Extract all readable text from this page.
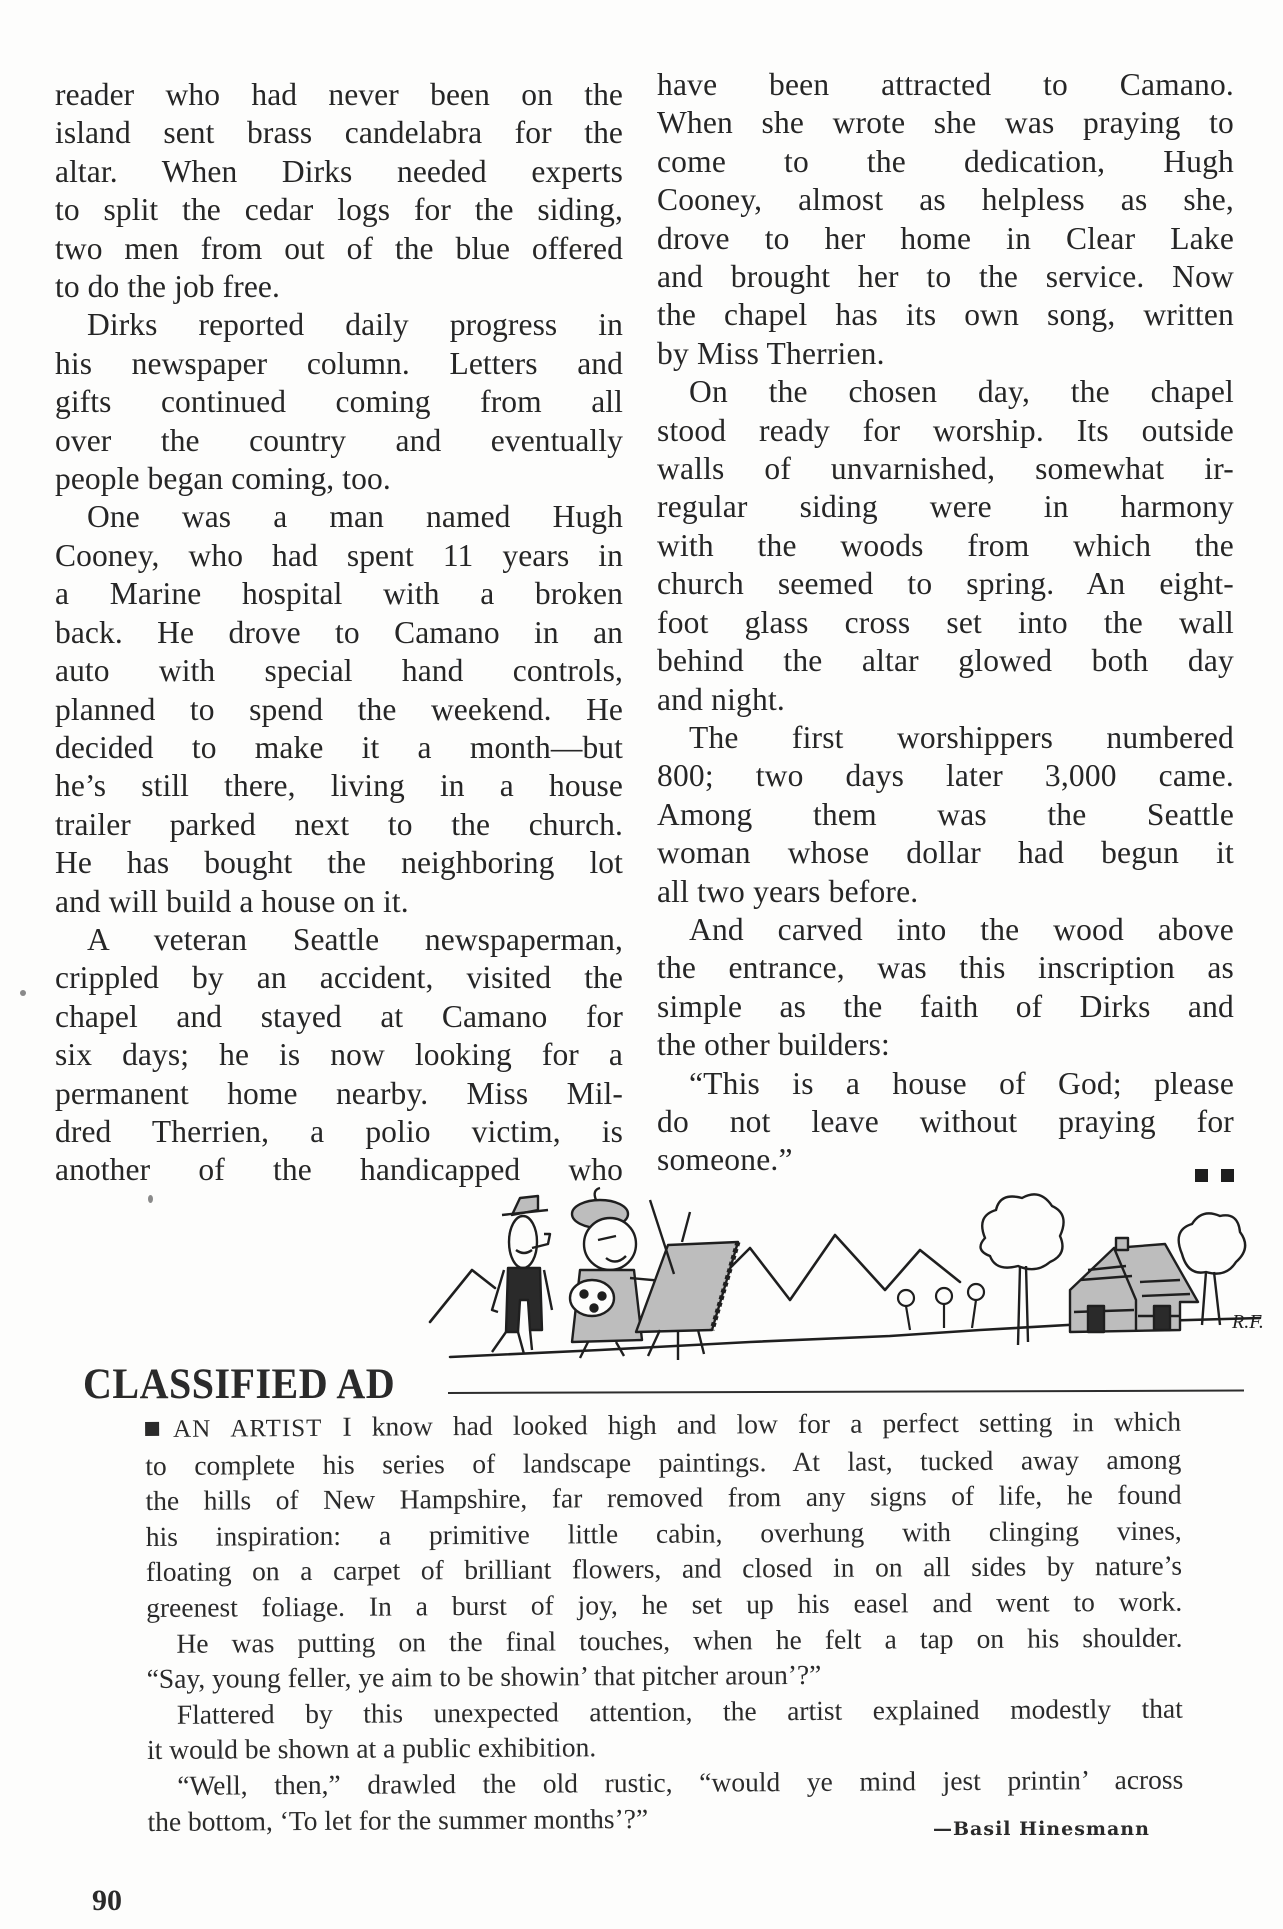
reader who had never been on the

island sent brass candelabra for the

altar. When Dirks needed experts

to split the cedar logs for the siding,

two men from out of the blue offered

to do the job free.

Dirks reported daily progress in

his newspaper column. Letters and

gifts continued coming from all

over the country and eventually

people began coming, too.

One was a man named Hugh

Cooney, who had spent 11 years in

a Marine hospital with a broken

back. He drove to Camano in an

auto with special hand controls,

planned to spend the weekend. He

decided to make it a month—but

he’s still there, living in a house

trailer parked next to the church.

He has bought the neighboring lot

and will build a house on it.

A veteran Seattle newspaperman,

crippled by an accident, visited the

chapel and stayed at Camano for

six days; he is now looking for a

permanent home nearby. Miss Mil-

dred Therrien, a polio victim, is

another of the handicapped who

have been attracted to Camano.

When she wrote she was praying to

come to the dedication, Hugh

Cooney, almost as helpless as she,

drove to her home in Clear Lake

and brought her to the service. Now

the chapel has its own song, written

by Miss Therrien.

On the chosen day, the chapel

stood ready for worship. Its outside

walls of unvarnished, somewhat ir-

regular siding were in harmony

with the woods from which the

church seemed to spring. An eight-

foot glass cross set into the wall

behind the altar glowed both day

and night.

The first worshippers numbered

800; two days later 3,000 came.

Among them was the Seattle

woman whose dollar had begun it

all two years before.

And carved into the wood above

the entrance, was this inscription as

simple as the faith of Dirks and

the other builders:

“This is a house of God; please

do not leave without praying for

someone.”

R.F.
CLASSIFIED AD

AN ARTIST I know had looked high and low for a perfect setting in which

to complete his series of landscape paintings. At last, tucked away among

the hills of New Hampshire, far removed from any signs of life, he found

his inspiration: a primitive little cabin, overhung with clinging vines,

floating on a carpet of brilliant flowers, and closed in on all sides by nature’s

greenest foliage. In a burst of joy, he set up his easel and went to work.

He was putting on the final touches, when he felt a tap on his shoulder.

“Say, young feller, ye aim to be showin’ that pitcher aroun’?”

Flattered by this unexpected attention, the artist explained modestly that

it would be shown at a public exhibition.

“Well, then,” drawled the old rustic, “would ye mind jest printin’ across

the bottom, ‘To let for the summer months’?”	—Basil Hinesmann
90
